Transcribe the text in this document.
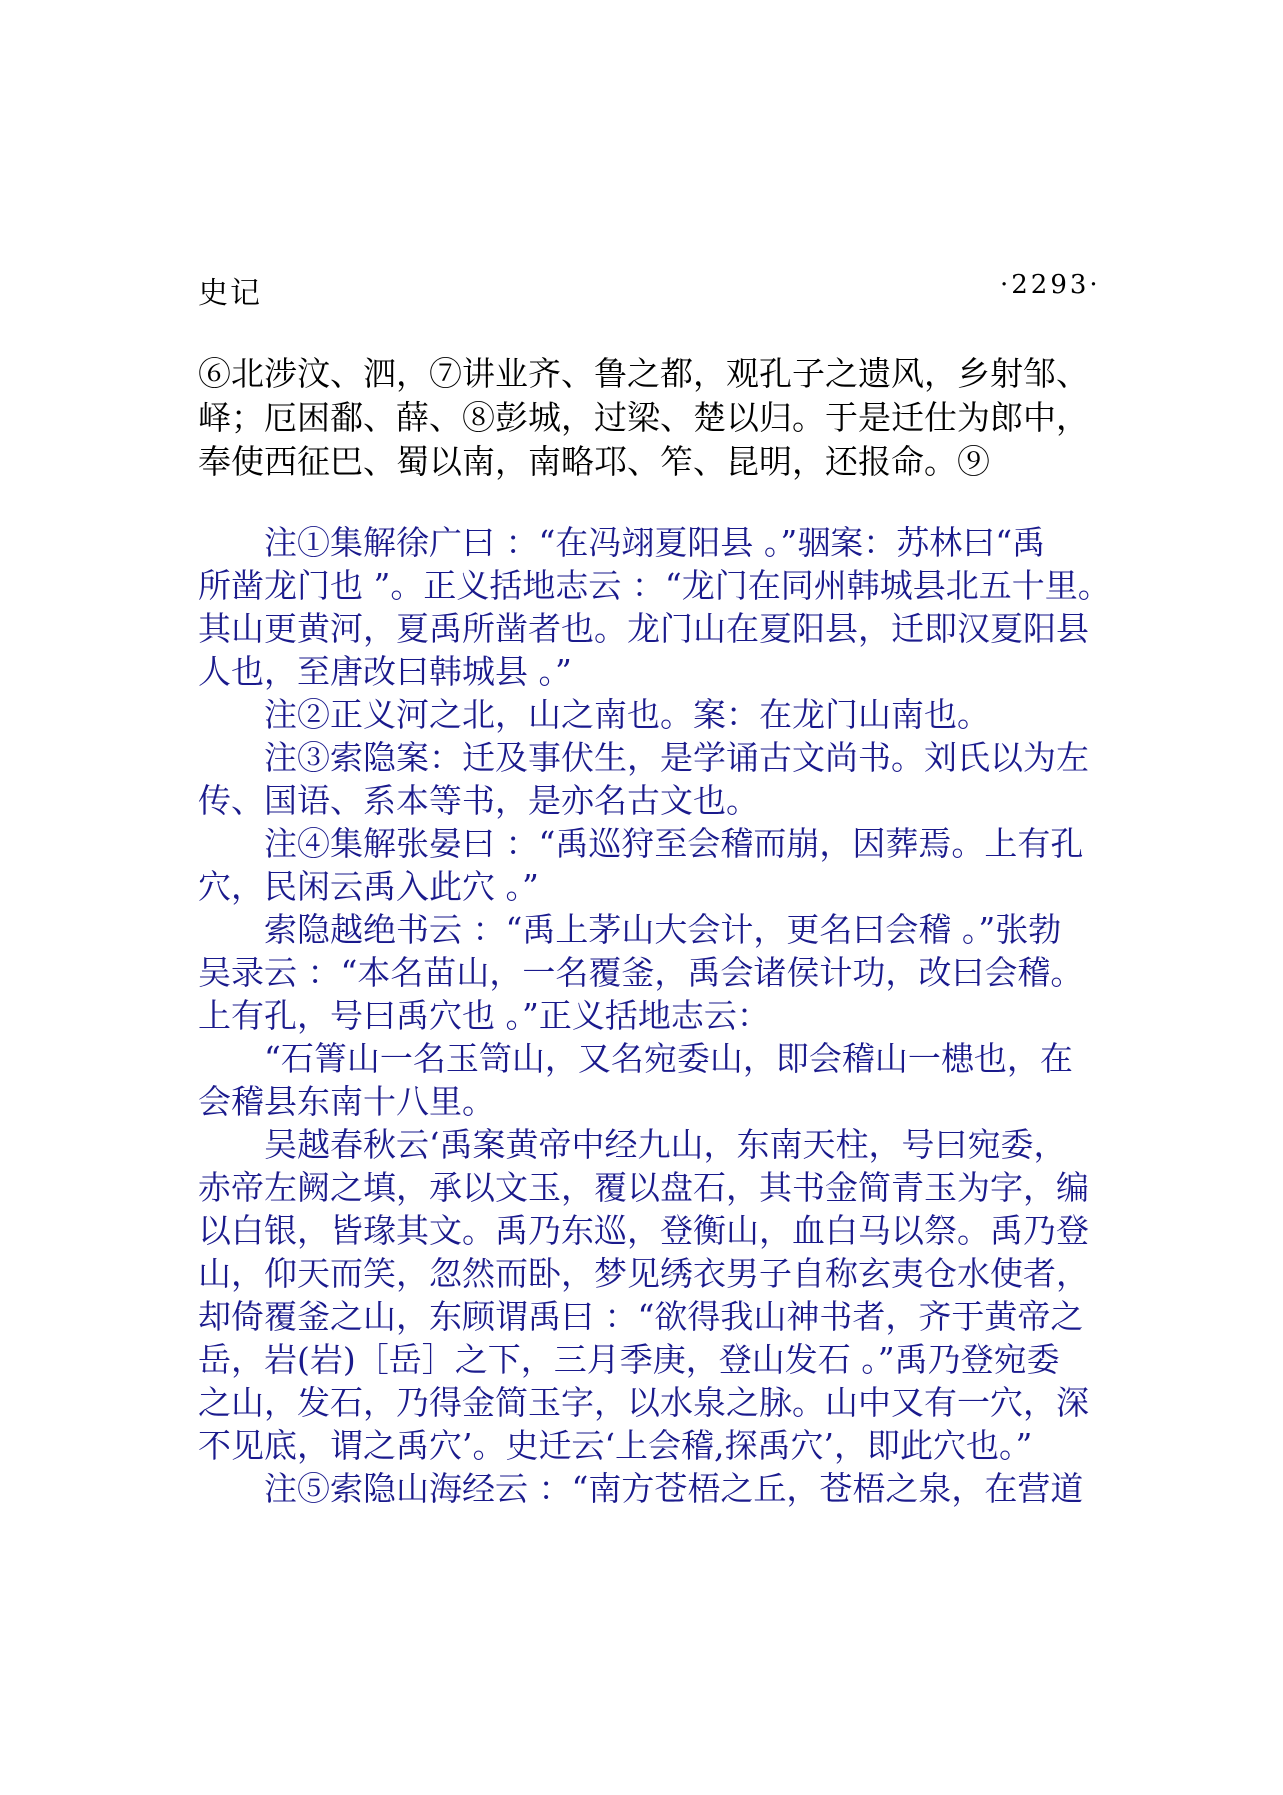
史记	·2293·
⑥北涉汶、泗，⑦讲业齐、鲁之都，观孔子之遗风，乡射邹、
峄；厄困鄱、薛、⑧彭城，过梁、楚以归。于是迁仕为郎中，
奉使西征巴、蜀以南，南略邛、笮、昆明，还报命。⑨
　　注①集解徐广曰 ：“在冯翊夏阳县 。”骃案：苏林曰“禹
所凿龙门也 ”。正义括地志云 ：“龙门在同州韩城县北五十里。
其山更黄河，夏禹所凿者也。龙门山在夏阳县，迁即汉夏阳县
人也，至唐改曰韩城县 。”
　　注②正义河之北，山之南也。案：在龙门山南也。
　　注③索隐案：迁及事伏生，是学诵古文尚书。刘氏以为左
传、国语、系本等书，是亦名古文也。
　　注④集解张晏曰 ：“禹巡狩至会稽而崩，因葬焉。上有孔
穴，民闲云禹入此穴 。”
　　索隐越绝书云 ：“禹上茅山大会计，更名曰会稽 。”张勃
吴录云 ：“本名苗山，一名覆釜，禹会诸侯计功，改曰会稽。
上有孔，号曰禹穴也 。”正义括地志云：
　　“石箐山一名玉笥山，又名宛委山，即会稽山一槵也，在
会稽县东南十八里。
　　吴越春秋云‘禹案黄帝中经九山，东南天柱，号曰宛委，
赤帝左阙之填，承以文玉，覆以盘石，其书金简青玉为字，编
以白银，皆瑑其文。禹乃东巡，登衡山，血白马以祭。禹乃登
山，仰天而笑，忽然而卧，梦见绣衣男子自称玄夷仓水使者，
却倚覆釜之山，东顾谓禹曰 ：“欲得我山神书者，齐于黄帝之
岳，岩(岩)［岳］之下，三月季庚，登山发石 。”禹乃登宛委
之山，发石，乃得金简玉字，以水泉之脉。山中又有一穴，深
不见底，谓之禹穴’。史迁云‘上会稽,探禹穴’，即此穴也。”
　　注⑤索隐山海经云 ：“南方苍梧之丘，苍梧之泉，在营道
